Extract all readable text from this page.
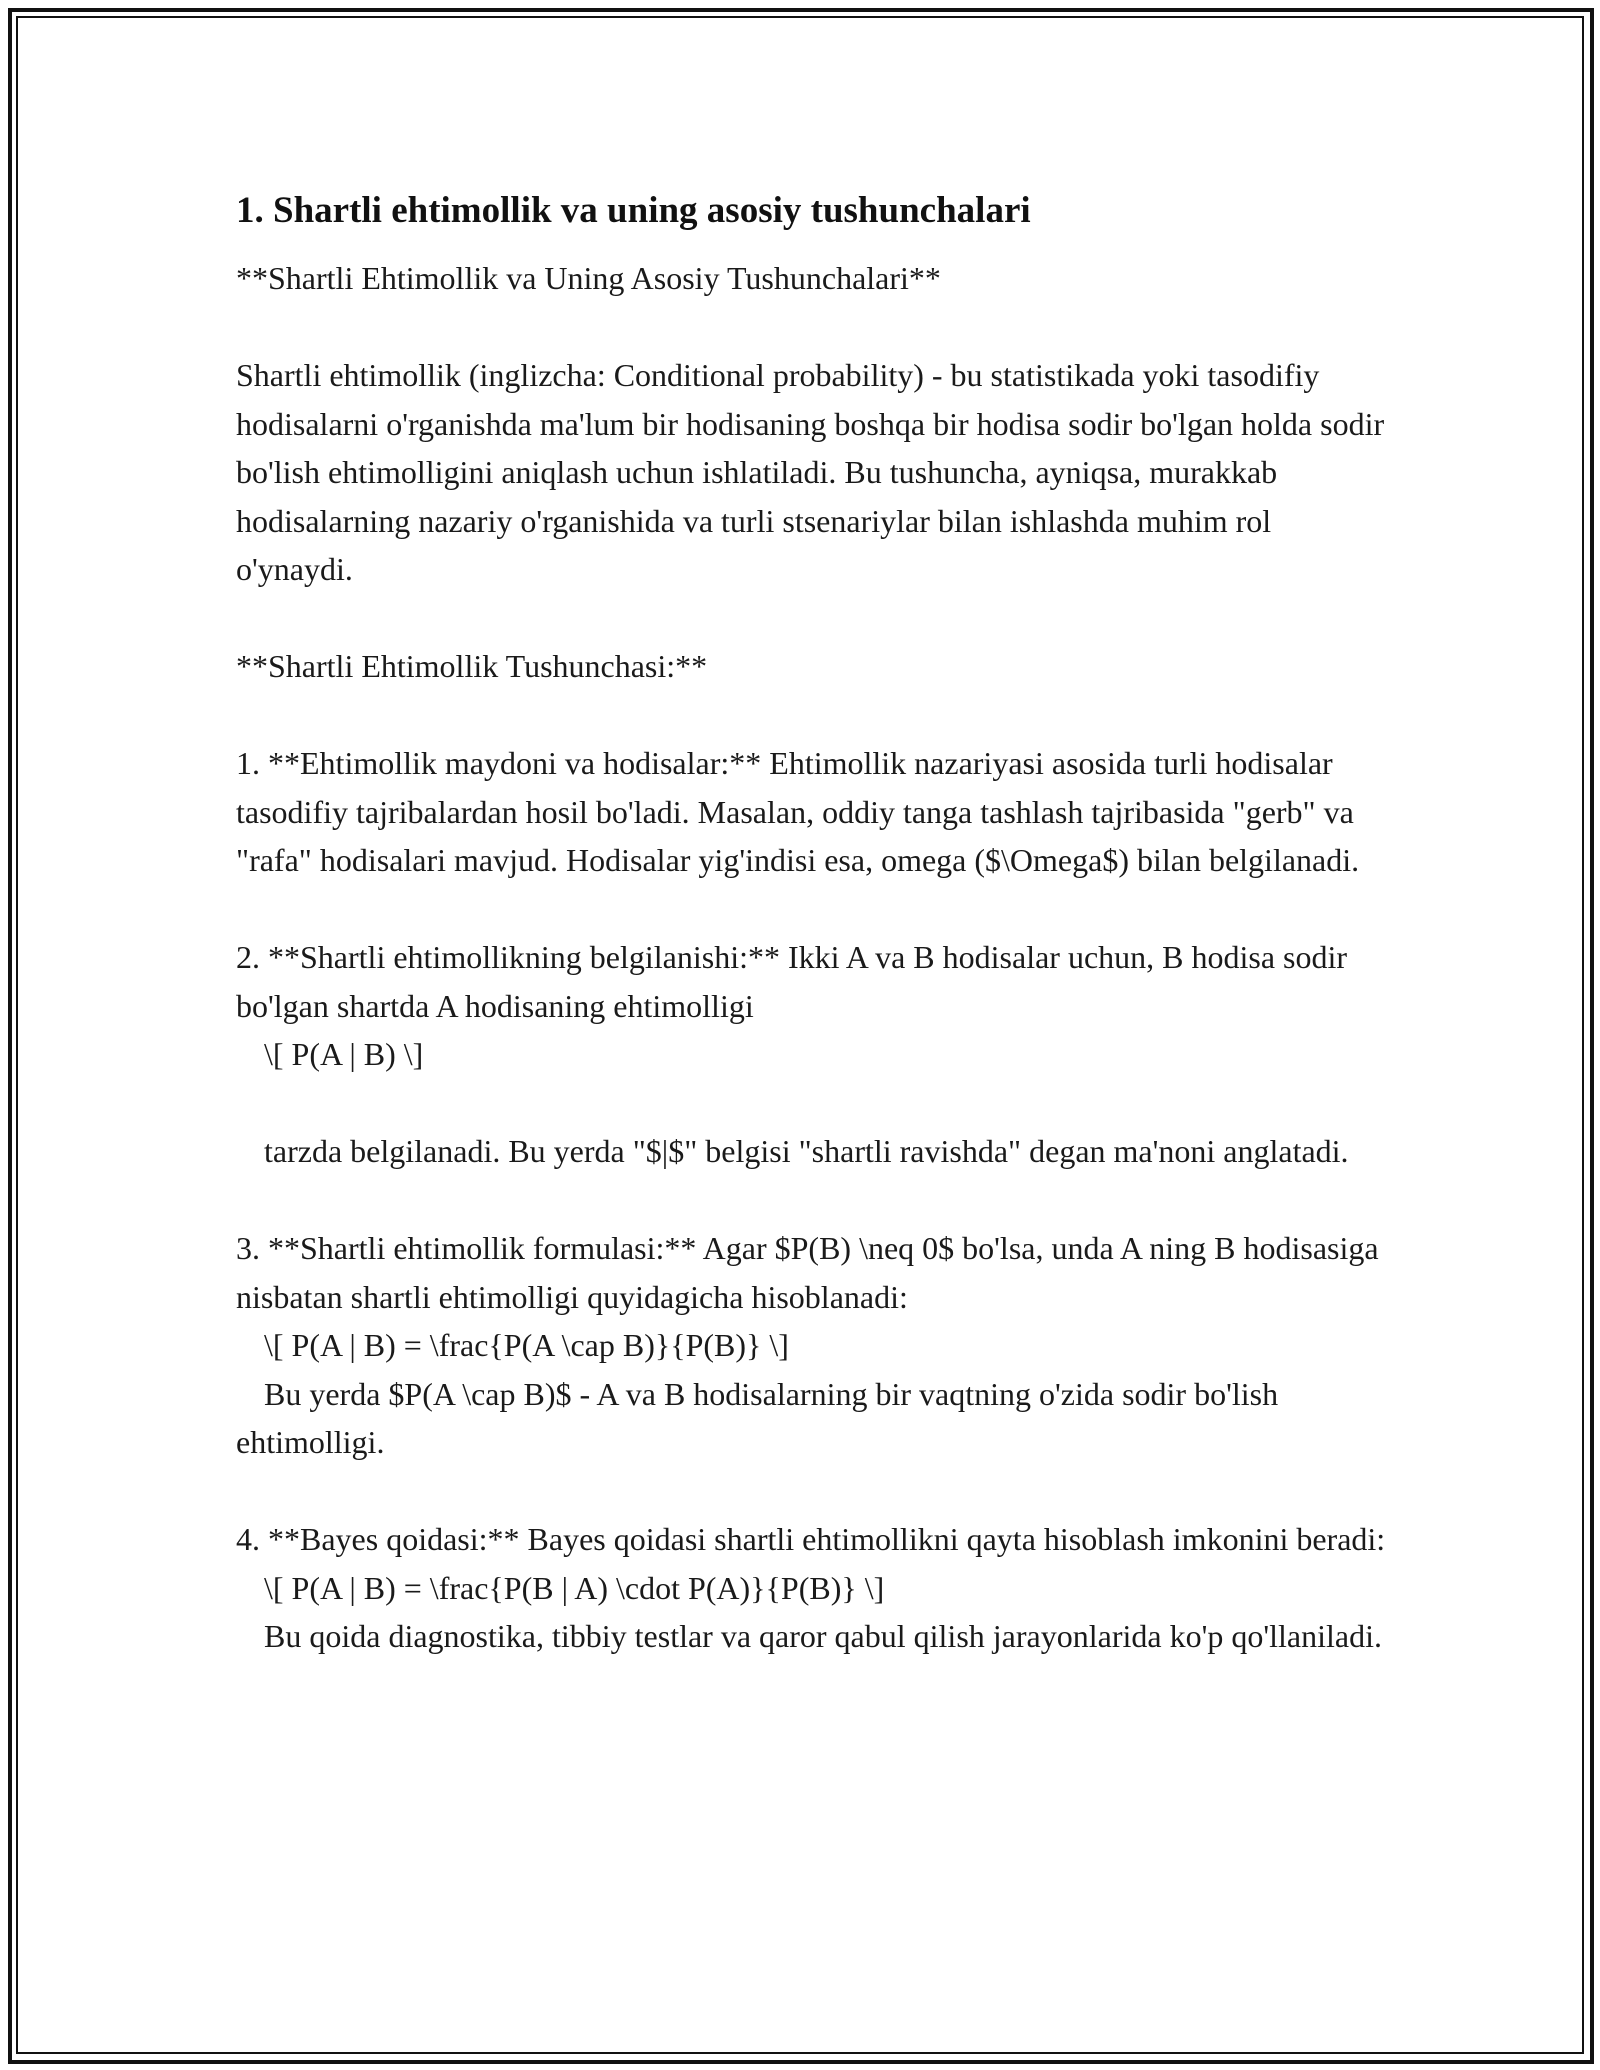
1. Shartli ehtimollik va uning asosiy tushunchalari

**Shartli Ehtimollik va Uning Asosiy Tushunchalari**

Shartli ehtimollik (inglizcha: Conditional probability) - bu statistikada yoki tasodifiy hodisalarni o'rganishda ma'lum bir hodisaning boshqa bir hodisa sodir bo'lgan holda sodir bo'lish ehtimolligini aniqlash uchun ishlatiladi. Bu tushuncha, ayniqsa, murakkab hodisalarning nazariy o'rganishida va turli stsenariylar bilan ishlashda muhim rol o'ynaydi.

**Shartli Ehtimollik Tushunchasi:**

1. **Ehtimollik maydoni va hodisalar:** Ehtimollik nazariyasi asosida turli hodisalar tasodifiy tajribalardan hosil bo'ladi. Masalan, oddiy tanga tashlash tajribasida "gerb" va "rafa" hodisalari mavjud. Hodisalar yig'indisi esa, omega ($\Omega$) bilan belgilanadi.

2. **Shartli ehtimollikning belgilanishi:** Ikki A va B hodisalar uchun, B hodisa sodir bo'lgan shartda A hodisaning ehtimolligi

\[ P(A | B) \]

tarzda belgilanadi. Bu yerda "$|$" belgisi "shartli ravishda" degan ma'noni anglatadi.

3. **Shartli ehtimollik formulasi:** Agar $P(B) \neq 0$ bo'lsa, unda A ning B hodisasiga nisbatan shartli ehtimolligi quyidagicha hisoblanadi:

\[ P(A | B) = \frac{P(A \cap B)}{P(B)} \]

Bu yerda $P(A \cap B)$ - A va B hodisalarning bir vaqtning o'zida sodir bo'lish ehtimolligi.

4. **Bayes qoidasi:** Bayes qoidasi shartli ehtimollikni qayta hisoblash imkonini beradi:

\[ P(A | B) = \frac{P(B | A) \cdot P(A)}{P(B)} \]

Bu qoida diagnostika, tibbiy testlar va qaror qabul qilish jarayonlarida ko'p qo'llaniladi.
